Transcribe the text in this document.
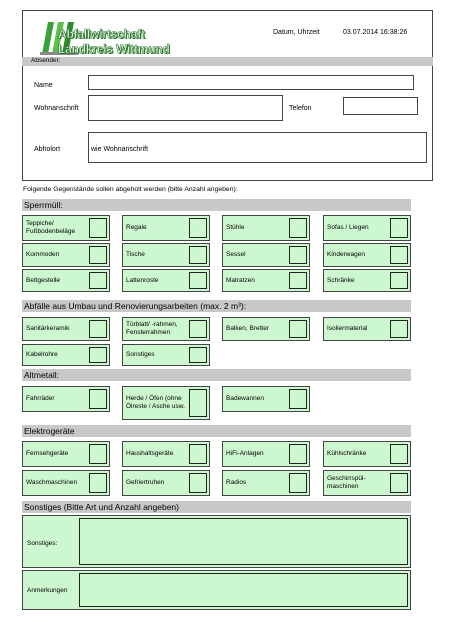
Abfallwirtschaft
Landkreis Wittmund
Datum, Uhrzeit	03.07.2014 16:38:26
Absender:
Name
Wohnanschrift	Telefon
Abholort	wie Wohnanschrift
Folgende Gegenstände sollen abgeholt werden (bitte Anzahl angeben):
Sperrmüll:
Teppiche/ Fußbodenbeläge
Regale	Stühle	Sofas / Liegen
Kommoden	Tische	Sessel	Kinderwagen
Bettgestelle	Lattenroste	Matratzen	Schränke
Abfälle aus Umbau und Renovierungsarbeiten (max. 2 m³):
Sanitärkeramik
Türblatt/ -rahmen, Fensterrahmen
Balken, Bretter	Isoliermaterial
Kabelrohre	Sonstiges
Altmetall:
Fahrräder	Herde / Öfen (ohne Ölreste / Asche usw.
Badewannen
Elektrogeräte
Fernsehgeräte	Haushaltsgeräte	HiFi-Anlagen	Kühlschränke
Waschmaschinen	Gefriertruhen	Radios
Geschirrspül-maschinen
Sonstiges (Bitte Art und Anzahl angeben)
Sonstiges:
Anmerkungen
